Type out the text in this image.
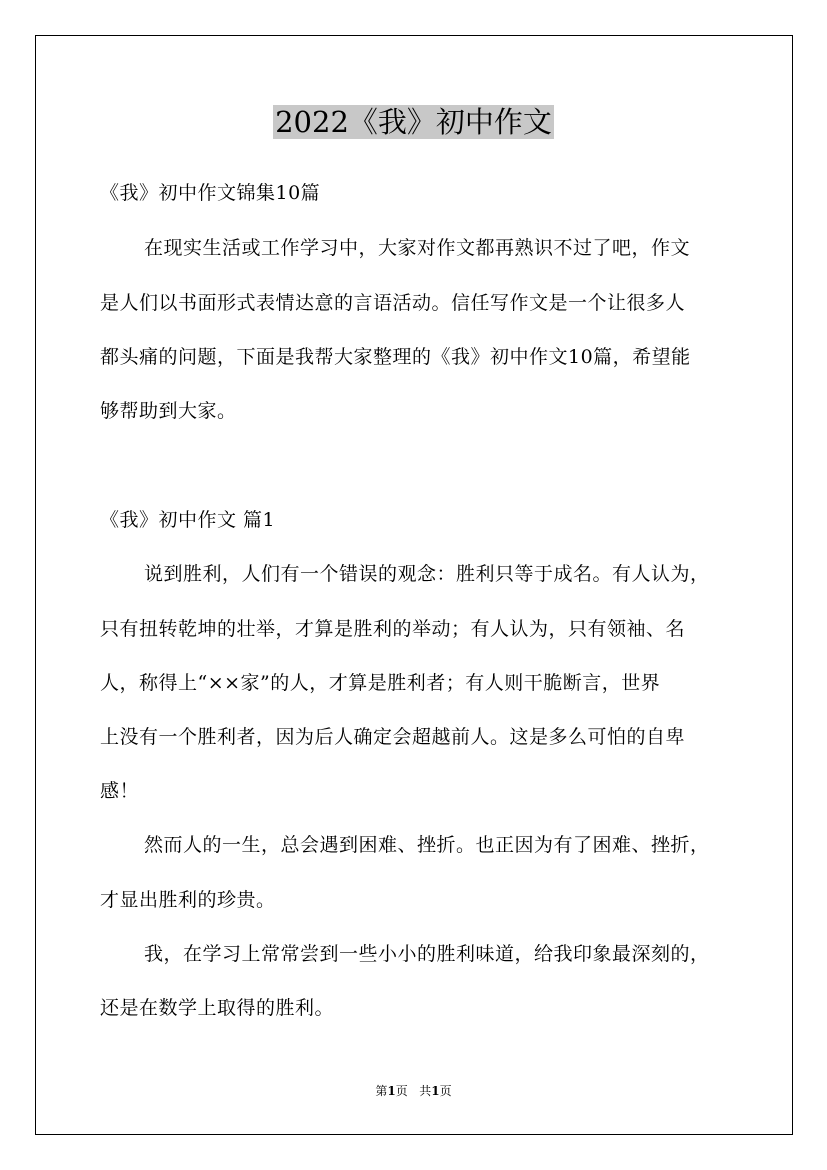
2022《我》初中作文
《我》初中作文锦集10篇
在现实生活或工作学习中，大家对作文都再熟识不过了吧，作文
是人们以书面形式表情达意的言语活动。信任写作文是一个让很多人
都头痛的问题，下面是我帮大家整理的《我》初中作文10篇，希望能
够帮助到大家。
《我》初中作文 篇1
说到胜利，人们有一个错误的观念：胜利只等于成名。有人认为，
只有扭转乾坤的壮举，才算是胜利的举动；有人认为，只有领袖、名
人，称得上“××家”的人，才算是胜利者；有人则干脆断言，世界
上没有一个胜利者，因为后人确定会超越前人。这是多么可怕的自卑
感！
然而人的一生，总会遇到困难、挫折。也正因为有了困难、挫折，
才显出胜利的珍贵。
我，在学习上常常尝到一些小小的胜利味道，给我印象最深刻的，
还是在数学上取得的胜利。
第1页 共1页
